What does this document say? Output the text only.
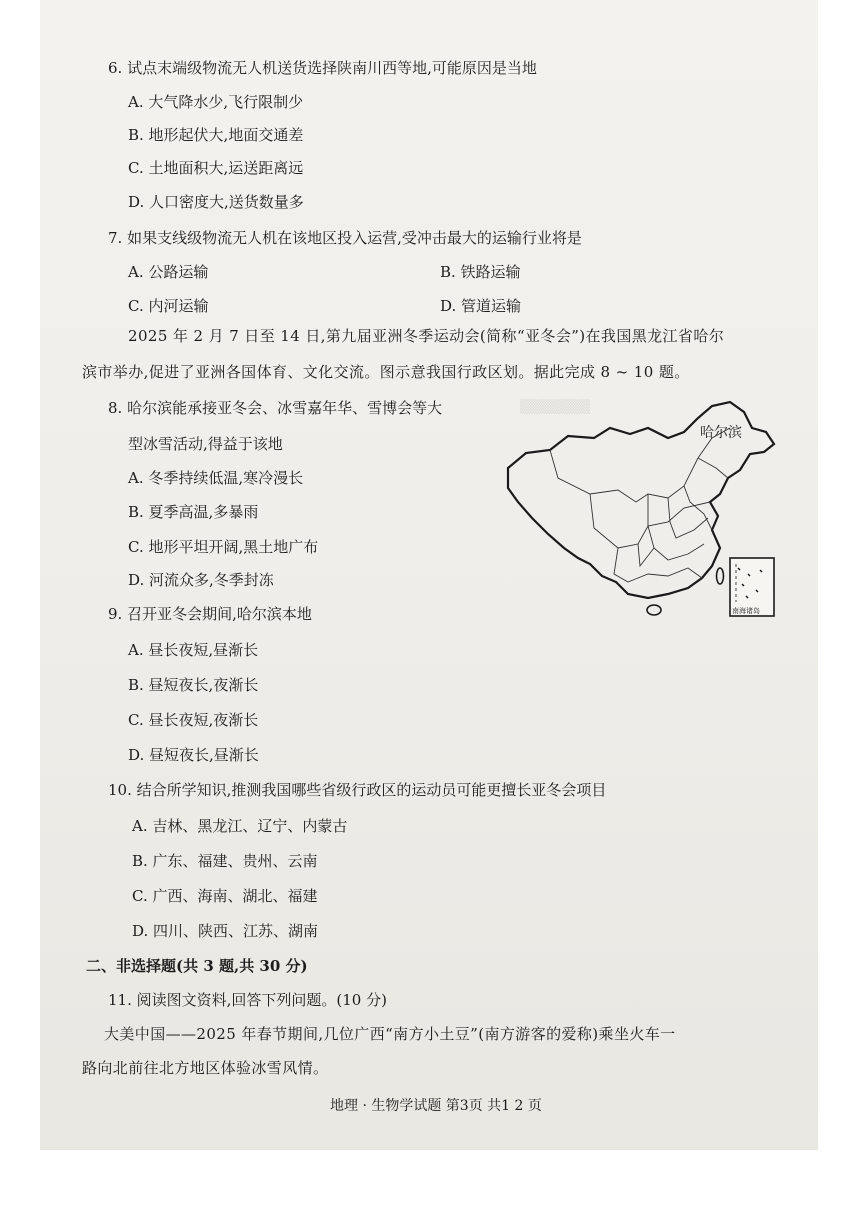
▒▒▒▒▒▒▒
6. 试点末端级物流无人机送货选择陕南川西等地,可能原因是当地
A. 大气降水少,飞行限制少
B. 地形起伏大,地面交通差
C. 土地面积大,运送距离远
D. 人口密度大,送货数量多
7. 如果支线级物流无人机在该地区投入运营,受冲击最大的运输行业将是
A. 公路运输	B. 铁路运输
C. 内河运输	D. 管道运输
2025 年 2 月 7 日至 14 日,第九届亚洲冬季运动会(简称“亚冬会”)在我国黑龙江省哈尔
滨市举办,促进了亚洲各国体育、文化交流。图示意我国行政区划。据此完成 8 ~ 10 题。
8. 哈尔滨能承接亚冬会、冰雪嘉年华、雪博会等大
型冰雪活动,得益于该地
A. 冬季持续低温,寒冷漫长
B. 夏季高温,多暴雨
C. 地形平坦开阔,黑土地广布
D. 河流众多,冬季封冻
哈尔滨
南海诸岛
9. 召开亚冬会期间,哈尔滨本地
A. 昼长夜短,昼渐长
B. 昼短夜长,夜渐长
C. 昼长夜短,夜渐长
D. 昼短夜长,昼渐长
10. 结合所学知识,推测我国哪些省级行政区的运动员可能更擅长亚冬会项目
A. 吉林、黑龙江、辽宁、内蒙古
B. 广东、福建、贵州、云南
C. 广西、海南、湖北、福建
D. 四川、陕西、江苏、湖南
二、非选择题(共 3 题,共 30 分)
11. 阅读图文资料,回答下列问题。(10 分)
大美中国——2025 年春节期间,几位广西“南方小土豆”(南方游客的爱称)乘坐火车一
路向北前往北方地区体验冰雪风情。
地理 · 生物学试题 第3页 共1 2 页
